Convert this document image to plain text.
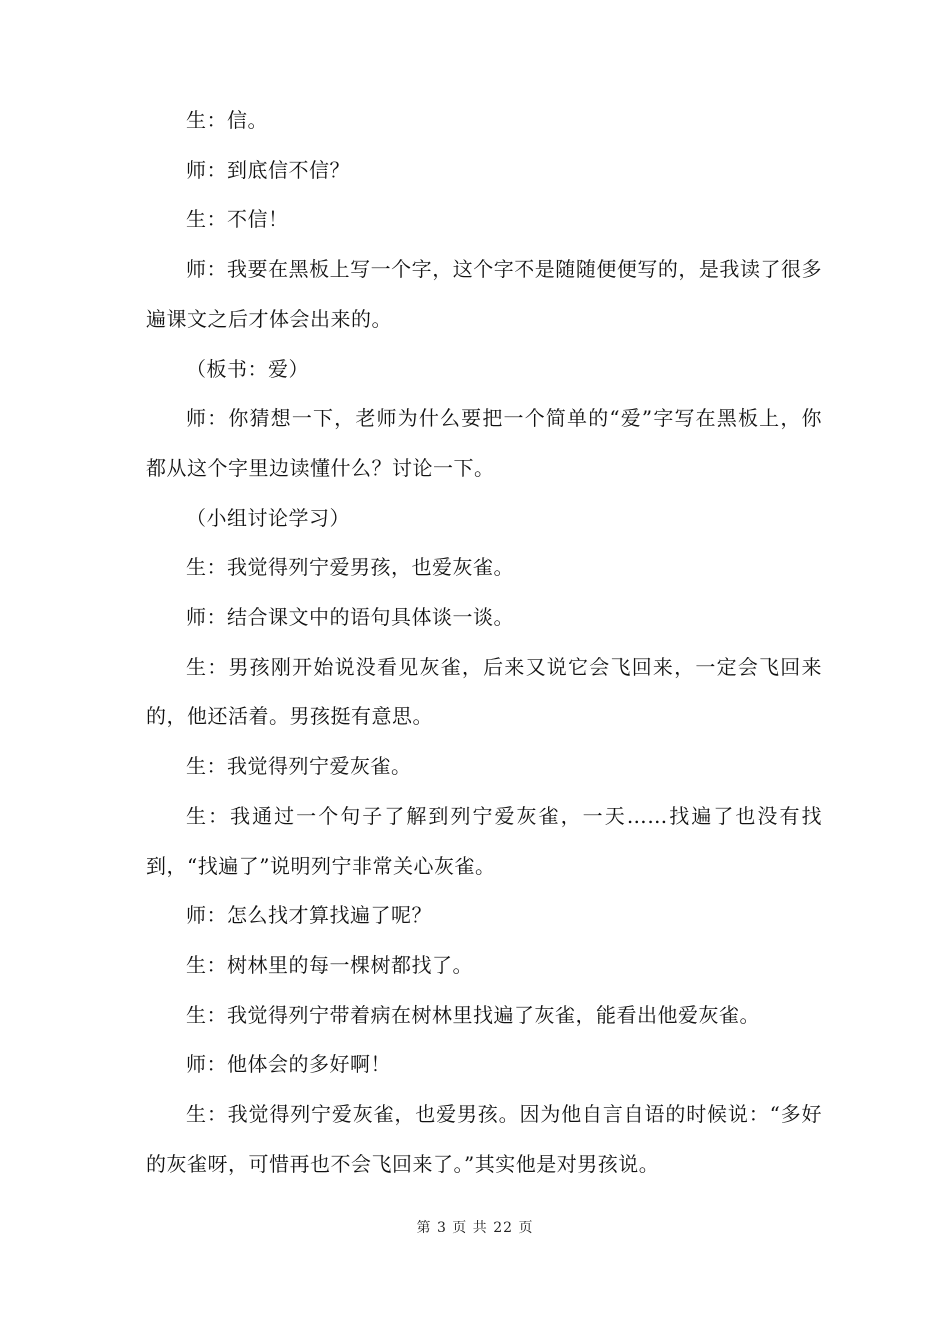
生：信。

师：到底信不信？

生：不信！

师：我要在黑板上写一个字，这个字不是随随便便写的，是我读了很多遍课文之后才体会出来的。

（板书：爱）

师：你猜想一下，老师为什么要把一个简单的“爱”字写在黑板上，你都从这个字里边读懂什么？讨论一下。

（小组讨论学习）

生：我觉得列宁爱男孩，也爱灰雀。

师：结合课文中的语句具体谈一谈。

生：男孩刚开始说没看见灰雀，后来又说它会飞回来，一定会飞回来的，他还活着。男孩挺有意思。

生：我觉得列宁爱灰雀。

生：我通过一个句子了解到列宁爱灰雀，一天……找遍了也没有找到，“找遍了”说明列宁非常关心灰雀。

师：怎么找才算找遍了呢？

生：树林里的每一棵树都找了。

生：我觉得列宁带着病在树林里找遍了灰雀，能看出他爱灰雀。

师：他体会的多好啊！

生：我觉得列宁爱灰雀，也爱男孩。因为他自言自语的时候说：“多好的灰雀呀，可惜再也不会飞回来了。”其实他是对男孩说。

第 3 页 共 22 页
